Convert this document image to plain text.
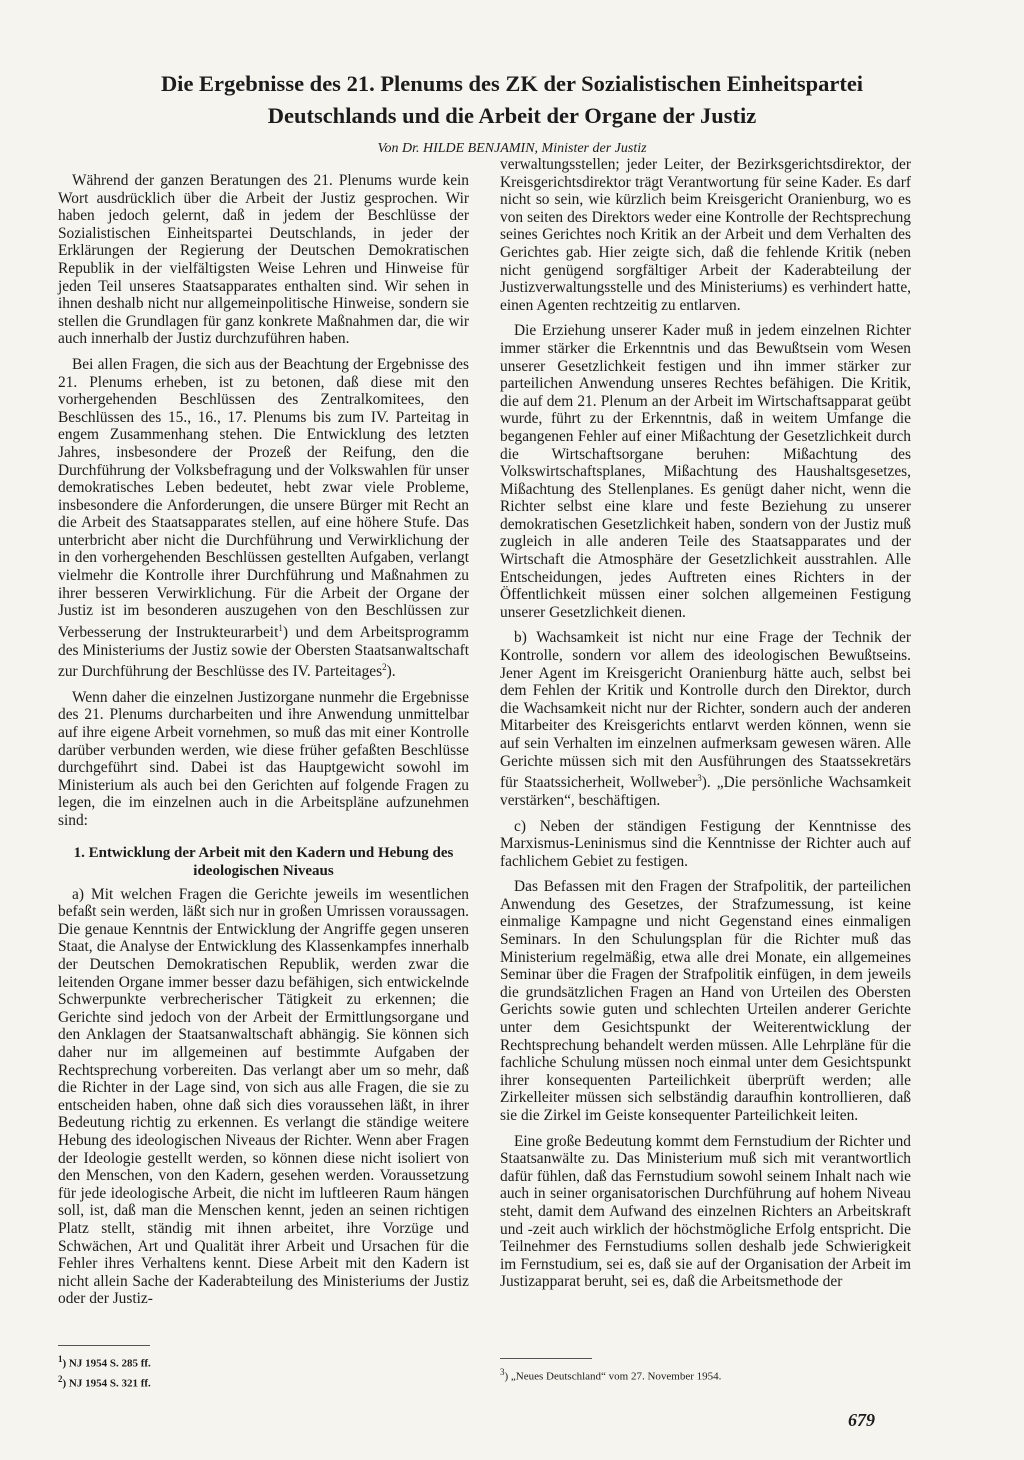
Die Ergebnisse des 21. Plenums des ZK der Sozialistischen Einheitspartei
Deutschlands und die Arbeit der Organe der Justiz
Von Dr. HILDE BENJAMIN, Minister der Justiz

Während der ganzen Beratungen des 21. Plenums wurde kein Wort ausdrücklich über die Arbeit der Justiz gesprochen. Wir haben jedoch gelernt, daß in jedem der Beschlüsse der Sozialistischen Einheitspartei Deutschlands, in jeder der Erklärungen der Regierung der Deutschen Demokratischen Republik in der vielfältigsten Weise Lehren und Hinweise für jeden Teil unseres Staatsapparates enthalten sind. Wir sehen in ihnen deshalb nicht nur allgemeinpolitische Hinweise, sondern sie stellen die Grundlagen für ganz konkrete Maßnahmen dar, die wir auch innerhalb der Justiz durchzuführen haben.

Bei allen Fragen, die sich aus der Beachtung der Ergebnisse des 21. Plenums erheben, ist zu betonen, daß diese mit den vorhergehenden Beschlüssen des Zentralkomitees, den Beschlüssen des 15., 16., 17. Plenums bis zum IV. Parteitag in engem Zusammenhang stehen. Die Entwicklung des letzten Jahres, insbesondere der Prozeß der Reifung, den die Durchführung der Volksbefragung und der Volkswahlen für unser demokratisches Leben bedeutet, hebt zwar viele Probleme, insbesondere die Anforderungen, die unsere Bürger mit Recht an die Arbeit des Staatsapparates stellen, auf eine höhere Stufe. Das unterbricht aber nicht die Durchführung und Verwirklichung der in den vorhergehenden Beschlüssen gestellten Aufgaben, verlangt vielmehr die Kontrolle ihrer Durchführung und Maßnahmen zu ihrer besseren Verwirklichung. Für die Arbeit der Organe der Justiz ist im besonderen auszugehen von den Beschlüssen zur Verbesserung der Instrukteurarbeit$^1$) und dem Arbeitsprogramm des Ministeriums der Justiz sowie der Obersten Staatsanwaltschaft zur Durchführung der Beschlüsse des IV. Parteitages$^2$).

Wenn daher die einzelnen Justizorgane nunmehr die Ergebnisse des 21. Plenums durcharbeiten und ihre Anwendung unmittelbar auf ihre eigene Arbeit vornehmen, so muß das mit einer Kontrolle darüber verbunden werden, wie diese früher gefaßten Beschlüsse durchgeführt sind. Dabei ist das Hauptgewicht sowohl im Ministerium als auch bei den Gerichten auf folgende Fragen zu legen, die im einzelnen auch in die Arbeitspläne aufzunehmen sind:

1. Entwicklung der Arbeit mit den Kadern und Hebung des ideologischen Niveaus

a) Mit welchen Fragen die Gerichte jeweils im wesentlichen befaßt sein werden, läßt sich nur in großen Umrissen voraussagen. Die genaue Kenntnis der Entwicklung der Angriffe gegen unseren Staat, die Analyse der Entwicklung des Klassenkampfes innerhalb der Deutschen Demokratischen Republik, werden zwar die leitenden Organe immer besser dazu befähigen, sich entwickelnde Schwerpunkte verbrecherischer Tätigkeit zu erkennen; die Gerichte sind jedoch von der Arbeit der Ermittlungsorgane und den Anklagen der Staatsanwaltschaft abhängig. Sie können sich daher nur im allgemeinen auf bestimmte Aufgaben der Rechtsprechung vorbereiten. Das verlangt aber um so mehr, daß die Richter in der Lage sind, von sich aus alle Fragen, die sie zu entscheiden haben, ohne daß sich dies voraussehen läßt, in ihrer Bedeutung richtig zu erkennen. Es verlangt die ständige weitere Hebung des ideologischen Niveaus der Richter. Wenn aber Fragen der Ideologie gestellt werden, so können diese nicht isoliert von den Menschen, von den Kadern, gesehen werden. Voraussetzung für jede ideologische Arbeit, die nicht im luftleeren Raum hängen soll, ist, daß man die Menschen kennt, jeden an seinen richtigen Platz stellt, ständig mit ihnen arbeitet, ihre Vorzüge und Schwächen, Art und Qualität ihrer Arbeit und Ursachen für die Fehler ihres Verhaltens kennt. Diese Arbeit mit den Kadern ist nicht allein Sache der Kaderabteilung des Ministeriums der Justiz oder der Justiz-

verwaltungsstellen; jeder Leiter, der Bezirksgerichtsdirektor, der Kreisgerichtsdirektor trägt Verantwortung für seine Kader. Es darf nicht so sein, wie kürzlich beim Kreisgericht Oranienburg, wo es von seiten des Direktors weder eine Kontrolle der Rechtsprechung seines Gerichtes noch Kritik an der Arbeit und dem Verhalten des Gerichtes gab. Hier zeigte sich, daß die fehlende Kritik (neben nicht genügend sorgfältiger Arbeit der Kaderabteilung der Justizverwaltungsstelle und des Ministeriums) es verhindert hatte, einen Agenten rechtzeitig zu entlarven.

Die Erziehung unserer Kader muß in jedem einzelnen Richter immer stärker die Erkenntnis und das Bewußtsein vom Wesen unserer Gesetzlichkeit festigen und ihn immer stärker zur parteilichen Anwendung unseres Rechtes befähigen. Die Kritik, die auf dem 21. Plenum an der Arbeit im Wirtschaftsapparat geübt wurde, führt zu der Erkenntnis, daß in weitem Umfange die begangenen Fehler auf einer Mißachtung der Gesetzlichkeit durch die Wirtschaftsorgane beruhen: Mißachtung des Volkswirtschaftsplanes, Mißachtung des Haushaltsgesetzes, Mißachtung des Stellenplanes. Es genügt daher nicht, wenn die Richter selbst eine klare und feste Beziehung zu unserer demokratischen Gesetzlichkeit haben, sondern von der Justiz muß zugleich in alle anderen Teile des Staatsapparates und der Wirtschaft die Atmosphäre der Gesetzlichkeit ausstrahlen. Alle Entscheidungen, jedes Auftreten eines Richters in der Öffentlichkeit müssen einer solchen allgemeinen Festigung unserer Gesetzlichkeit dienen.

b) Wachsamkeit ist nicht nur eine Frage der Technik der Kontrolle, sondern vor allem des ideologischen Bewußtseins. Jener Agent im Kreisgericht Oranienburg hätte auch, selbst bei dem Fehlen der Kritik und Kontrolle durch den Direktor, durch die Wachsamkeit nicht nur der Richter, sondern auch der anderen Mitarbeiter des Kreisgerichts entlarvt werden können, wenn sie auf sein Verhalten im einzelnen aufmerksam gewesen wären. Alle Gerichte müssen sich mit den Ausführungen des Staatssekretärs für Staatssicherheit, Wollweber$^3$). „Die persönliche Wachsamkeit verstärken“, beschäftigen.

c) Neben der ständigen Festigung der Kenntnisse des Marxismus-Leninismus sind die Kenntnisse der Richter auch auf fachlichem Gebiet zu festigen.

Das Befassen mit den Fragen der Strafpolitik, der parteilichen Anwendung des Gesetzes, der Strafzumessung, ist keine einmalige Kampagne und nicht Gegenstand eines einmaligen Seminars. In den Schulungsplan für die Richter muß das Ministerium regelmäßig, etwa alle drei Monate, ein allgemeines Seminar über die Fragen der Strafpolitik einfügen, in dem jeweils die grundsätzlichen Fragen an Hand von Urteilen des Obersten Gerichts sowie guten und schlechten Urteilen anderer Gerichte unter dem Gesichtspunkt der Weiterentwicklung der Rechtsprechung behandelt werden müssen. Alle Lehrpläne für die fachliche Schulung müssen noch einmal unter dem Gesichtspunkt ihrer konsequenten Parteilichkeit überprüft werden; alle Zirkelleiter müssen sich selbständig daraufhin kontrollieren, daß sie die Zirkel im Geiste konsequenter Parteilichkeit leiten.

Eine große Bedeutung kommt dem Fernstudium der Richter und Staatsanwälte zu. Das Ministerium muß sich mit verantwortlich dafür fühlen, daß das Fernstudium sowohl seinem Inhalt nach wie auch in seiner organisatorischen Durchführung auf hohem Niveau steht, damit dem Aufwand des einzelnen Richters an Arbeitskraft und -zeit auch wirklich der höchstmögliche Erfolg entspricht. Die Teilnehmer des Fernstudiums sollen deshalb jede Schwierigkeit im Fernstudium, sei es, daß sie auf der Organisation der Arbeit im Justizapparat beruht, sei es, daß die Arbeitsmethode der

$^1$) NJ 1954 S. 285 ff.
$^2$) NJ 1954 S. 321 ff.
$^3$) „Neues Deutschland“ vom 27. November 1954.
679
